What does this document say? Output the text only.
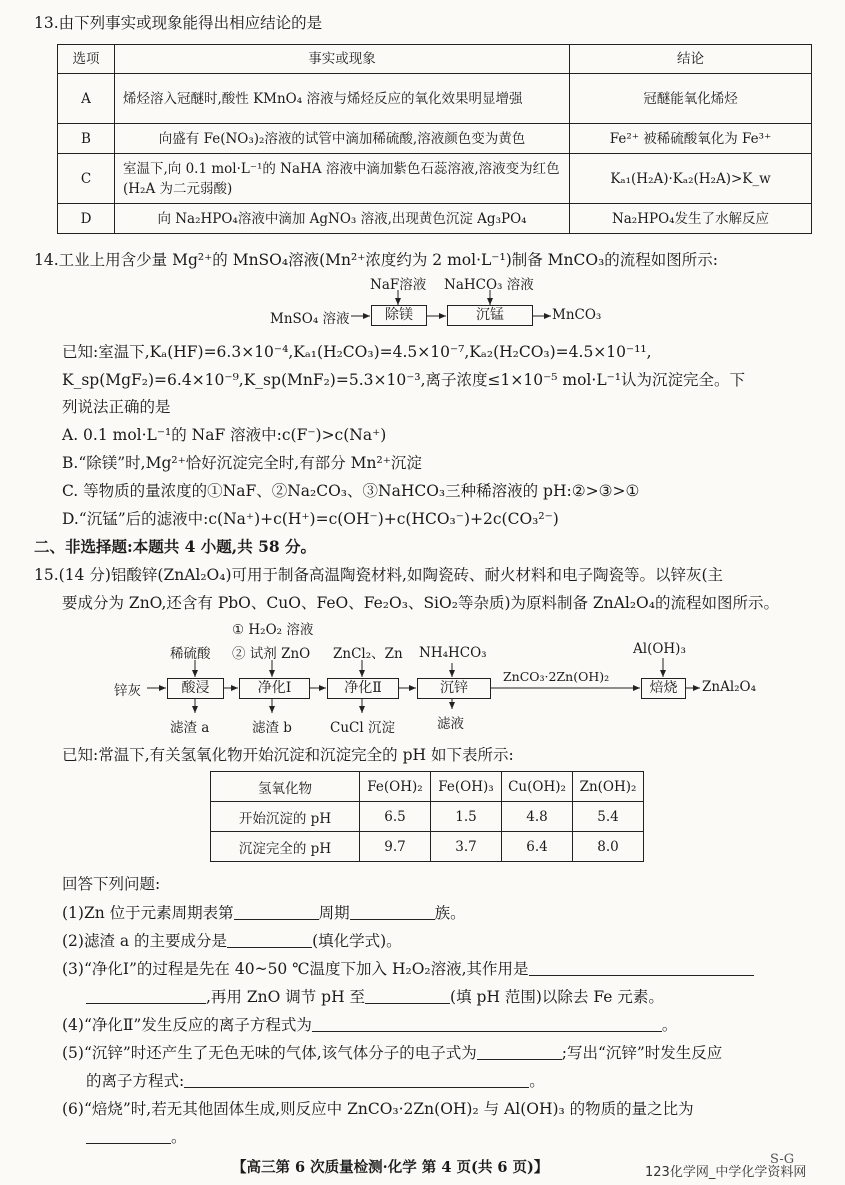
13.由下列事实或现象能得出相应结论的是
选项	事实或现象	结论
A	烯烃溶入冠醚时,酸性 KMnO₄ 溶液与烯烃反应的氧化效果明显增强	冠醚能氧化烯烃
B	向盛有 Fe(NO₃)₂溶液的试管中滴加稀硫酸,溶液颜色变为黄色	Fe²⁺ 被稀硫酸氧化为 Fe³⁺
C	室温下,向 0.1 mol·L⁻¹的 NaHA 溶液中滴加紫色石蕊溶液,溶液变为红色(H₂A 为二元弱酸)	Kₐ₁(H₂A)·Kₐ₂(H₂A)>K_w
D	向 Na₂HPO₄溶液中滴加 AgNO₃ 溶液,出现黄色沉淀 Ag₃PO₄	Na₂HPO₄发生了水解反应
14.工业上用含少量 Mg²⁺的 MnSO₄溶液(Mn²⁺浓度约为 2 mol·L⁻¹)制备 MnCO₃的流程如图所示:
NaF溶液 NaHCO₃ 溶液
MnSO₄ 溶液	除镁	沉锰	MnCO₃
已知:室温下,Kₐ(HF)=6.3×10⁻⁴,Kₐ₁(H₂CO₃)=4.5×10⁻⁷,Kₐ₂(H₂CO₃)=4.5×10⁻¹¹,
K_sp(MgF₂)=6.4×10⁻⁹,K_sp(MnF₂)=5.3×10⁻³,离子浓度≤1×10⁻⁵ mol·L⁻¹认为沉淀完全。下
列说法正确的是
A. 0.1 mol·L⁻¹的 NaF 溶液中:c(F⁻)>c(Na⁺)
B.“除镁”时,Mg²⁺恰好沉淀完全时,有部分 Mn²⁺沉淀
C. 等物质的量浓度的①NaF、②Na₂CO₃、③NaHCO₃三种稀溶液的 pH:②>③>①
D.“沉锰”后的滤液中:c(Na⁺)+c(H⁺)=c(OH⁻)+c(HCO₃⁻)+2c(CO₃²⁻)
二、非选择题:本题共 4 小题,共 58 分。
15.(14 分)铝酸锌(ZnAl₂O₄)可用于制备高温陶瓷材料,如陶瓷砖、耐火材料和电子陶瓷等。以锌灰(主
要成分为 ZnO,还含有 PbO、CuO、FeO、Fe₂O₃、SiO₂等杂质)为原料制备 ZnAl₂O₄的流程如图所示。
① H₂O₂ 溶液
稀硫酸 ② 试剂 ZnO ZnCl₂、Zn NH₄HCO₃	Al(OH)₃
锌灰	酸浸	净化Ⅰ	净化Ⅱ	沉锌
ZnCO₃·2Zn(OH)₂
焙烧	ZnAl₂O₄
滤渣 a	滤渣 b	CuCl 沉淀	滤液
已知:常温下,有关氢氧化物开始沉淀和沉淀完全的 pH 如下表所示:
氢氧化物	Fe(OH)₂	Fe(OH)₃	Cu(OH)₂	Zn(OH)₂
开始沉淀的 pH	6.5	1.5	4.8	5.4
沉淀完全的 pH	9.7	3.7	6.4	8.0
回答下列问题:
(1)Zn 位于元素周期表第	周期	族。
(2)滤渣 a 的主要成分是	(填化学式)。
(3)“净化Ⅰ”的过程是先在 40~50 ℃温度下加入 H₂O₂溶液,其作用是
,再用 ZnO 调节 pH 至	(填 pH 范围)以除去 Fe 元素。
(4)“净化Ⅱ”发生反应的离子方程式为	。
(5)“沉锌”时还产生了无色无味的气体,该气体分子的电子式为	;写出“沉锌”时发生反应
的离子方程式:	。
(6)“焙烧”时,若无其他固体生成,则反应中 ZnCO₃·2Zn(OH)₂ 与 Al(OH)₃ 的物质的量之比为
。
【高三第 6 次质量检测·化学 第 4 页(共 6 页)】	S-G
123化学网_中学化学资料网
